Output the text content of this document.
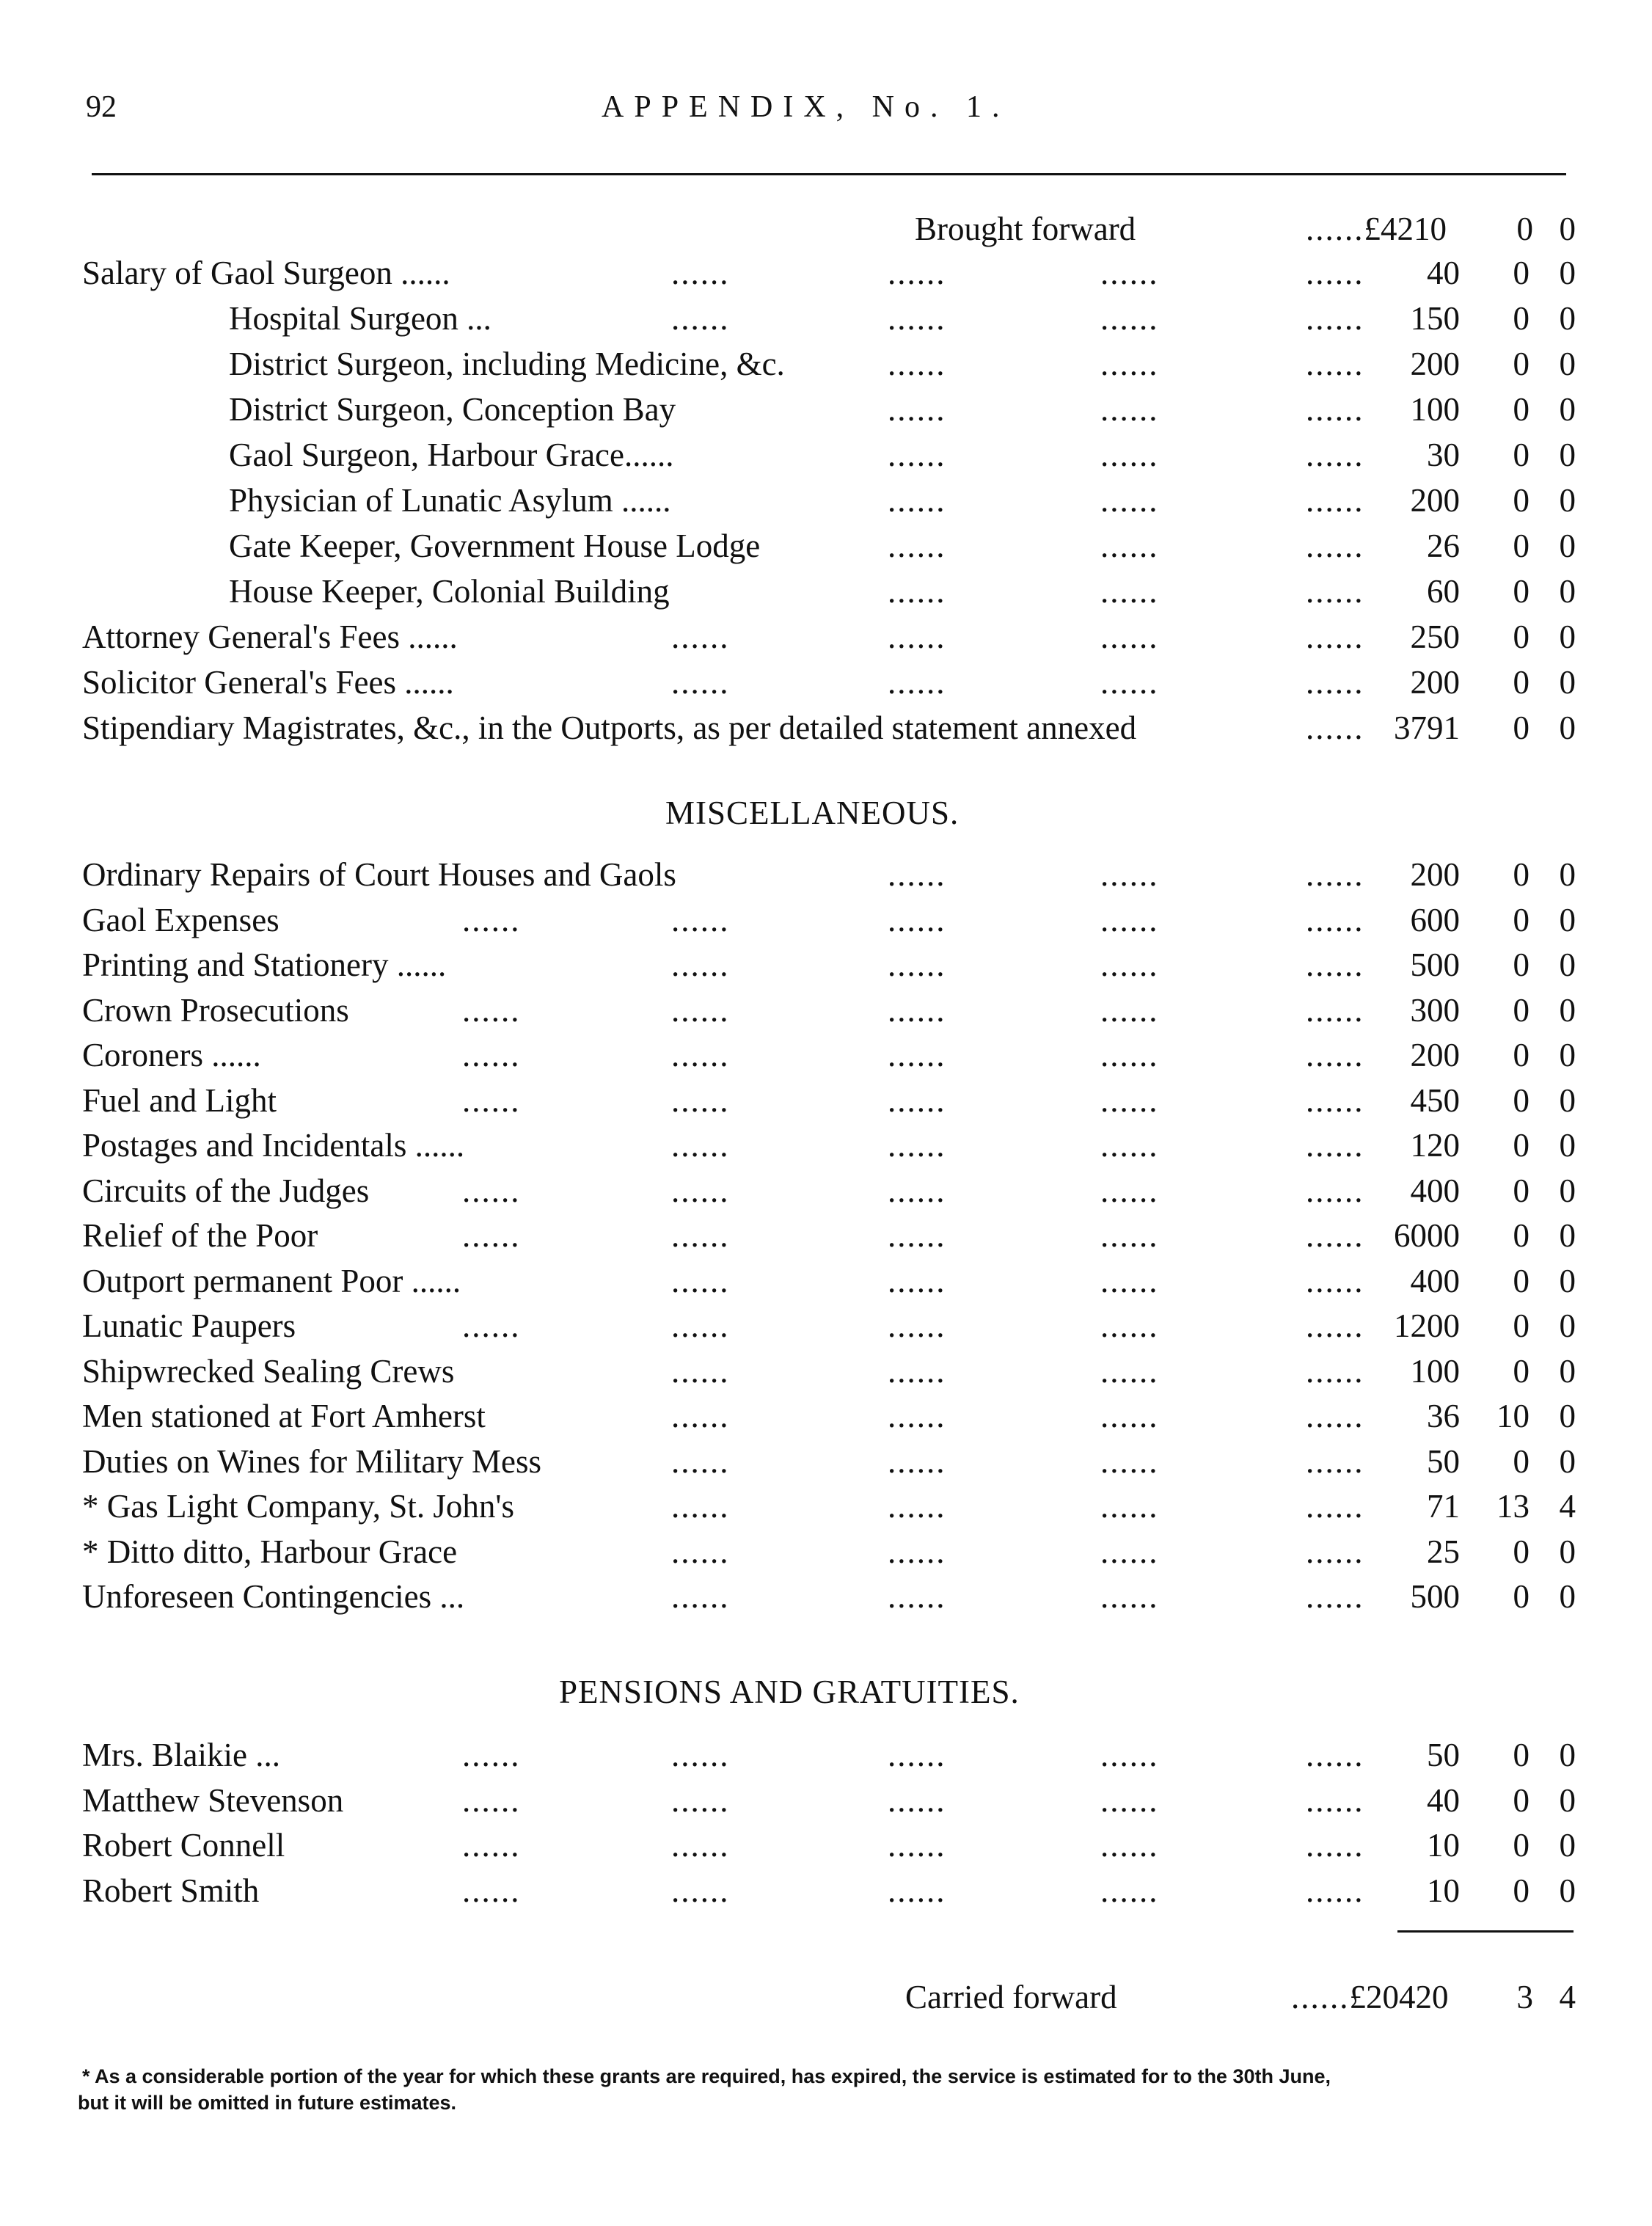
92	APPENDIX, No. 1.
Brought forward	......£4210	0 0
Salary of Gaol Surgeon ......	......	......	......	......	40	0 0
Hospital Surgeon ...	......	......	......	......	150	0 0
District Surgeon, including Medicine, &c.	......	......	......	200	0 0
District Surgeon, Conception Bay	......	......	......	100	0 0
Gaol Surgeon, Harbour Grace......	......	......	......	30	0 0
Physician of Lunatic Asylum ......	......	......	......	200	0 0
Gate Keeper, Government House Lodge	......	......	......	26	0 0
House Keeper, Colonial Building	......	......	......	60	0 0
Attorney General's Fees ......	......	......	......	......	250	0 0
Solicitor General's Fees ......	......	......	......	......	200	0 0
Stipendiary Magistrates, &c., in the Outports, as per detailed statement annexed	...... 3791	0 0
Ordinary Repairs of Court Houses and Gaols	......	......	......	200	0 0
Gaol Expenses	......	......	......	......	......	600	0 0
Printing and Stationery ......	......	......	......	......	500	0 0
Crown Prosecutions	......	......	......	......	......	300	0 0
Coroners ......	......	......	......	......	......	200	0 0
Fuel and Light	......	......	......	......	......	450	0 0
Postages and Incidentals ......	......	......	......	......	120	0 0
Circuits of the Judges	......	......	......	......	......	400	0 0
Relief of the Poor	......	......	......	......	...... 6000	0 0
Outport permanent Poor ......	......	......	......	......	400	0 0
Lunatic Paupers	......	......	......	......	...... 1200	0 0
Shipwrecked Sealing Crews	......	......	......	......	100	0 0
Men stationed at Fort Amherst	......	......	......	......	36	10 0
Duties on Wines for Military Mess	......	......	......	......	50	0 0
* Gas Light Company, St. John's	......	......	......	......	71	13 4
* Ditto ditto, Harbour Grace	......	......	......	......	25	0 0
Unforeseen Contingencies ...	......	......	......	......	500	0 0
Mrs. Blaikie ...	......	......	......	......	......	50	0 0
Matthew Stevenson	......	......	......	......	......	40	0 0
Robert Connell	......	......	......	......	......	10	0 0
Robert Smith	......	......	......	......	......	10	0 0
MISCELLANEOUS.
PENSIONS AND GRATUITIES.
Carried forward	......£20420	3 4
* As a considerable portion of the year for which these grants are required, has expired, the service is estimated for to the 30th June,
but it will be omitted in future estimates.
